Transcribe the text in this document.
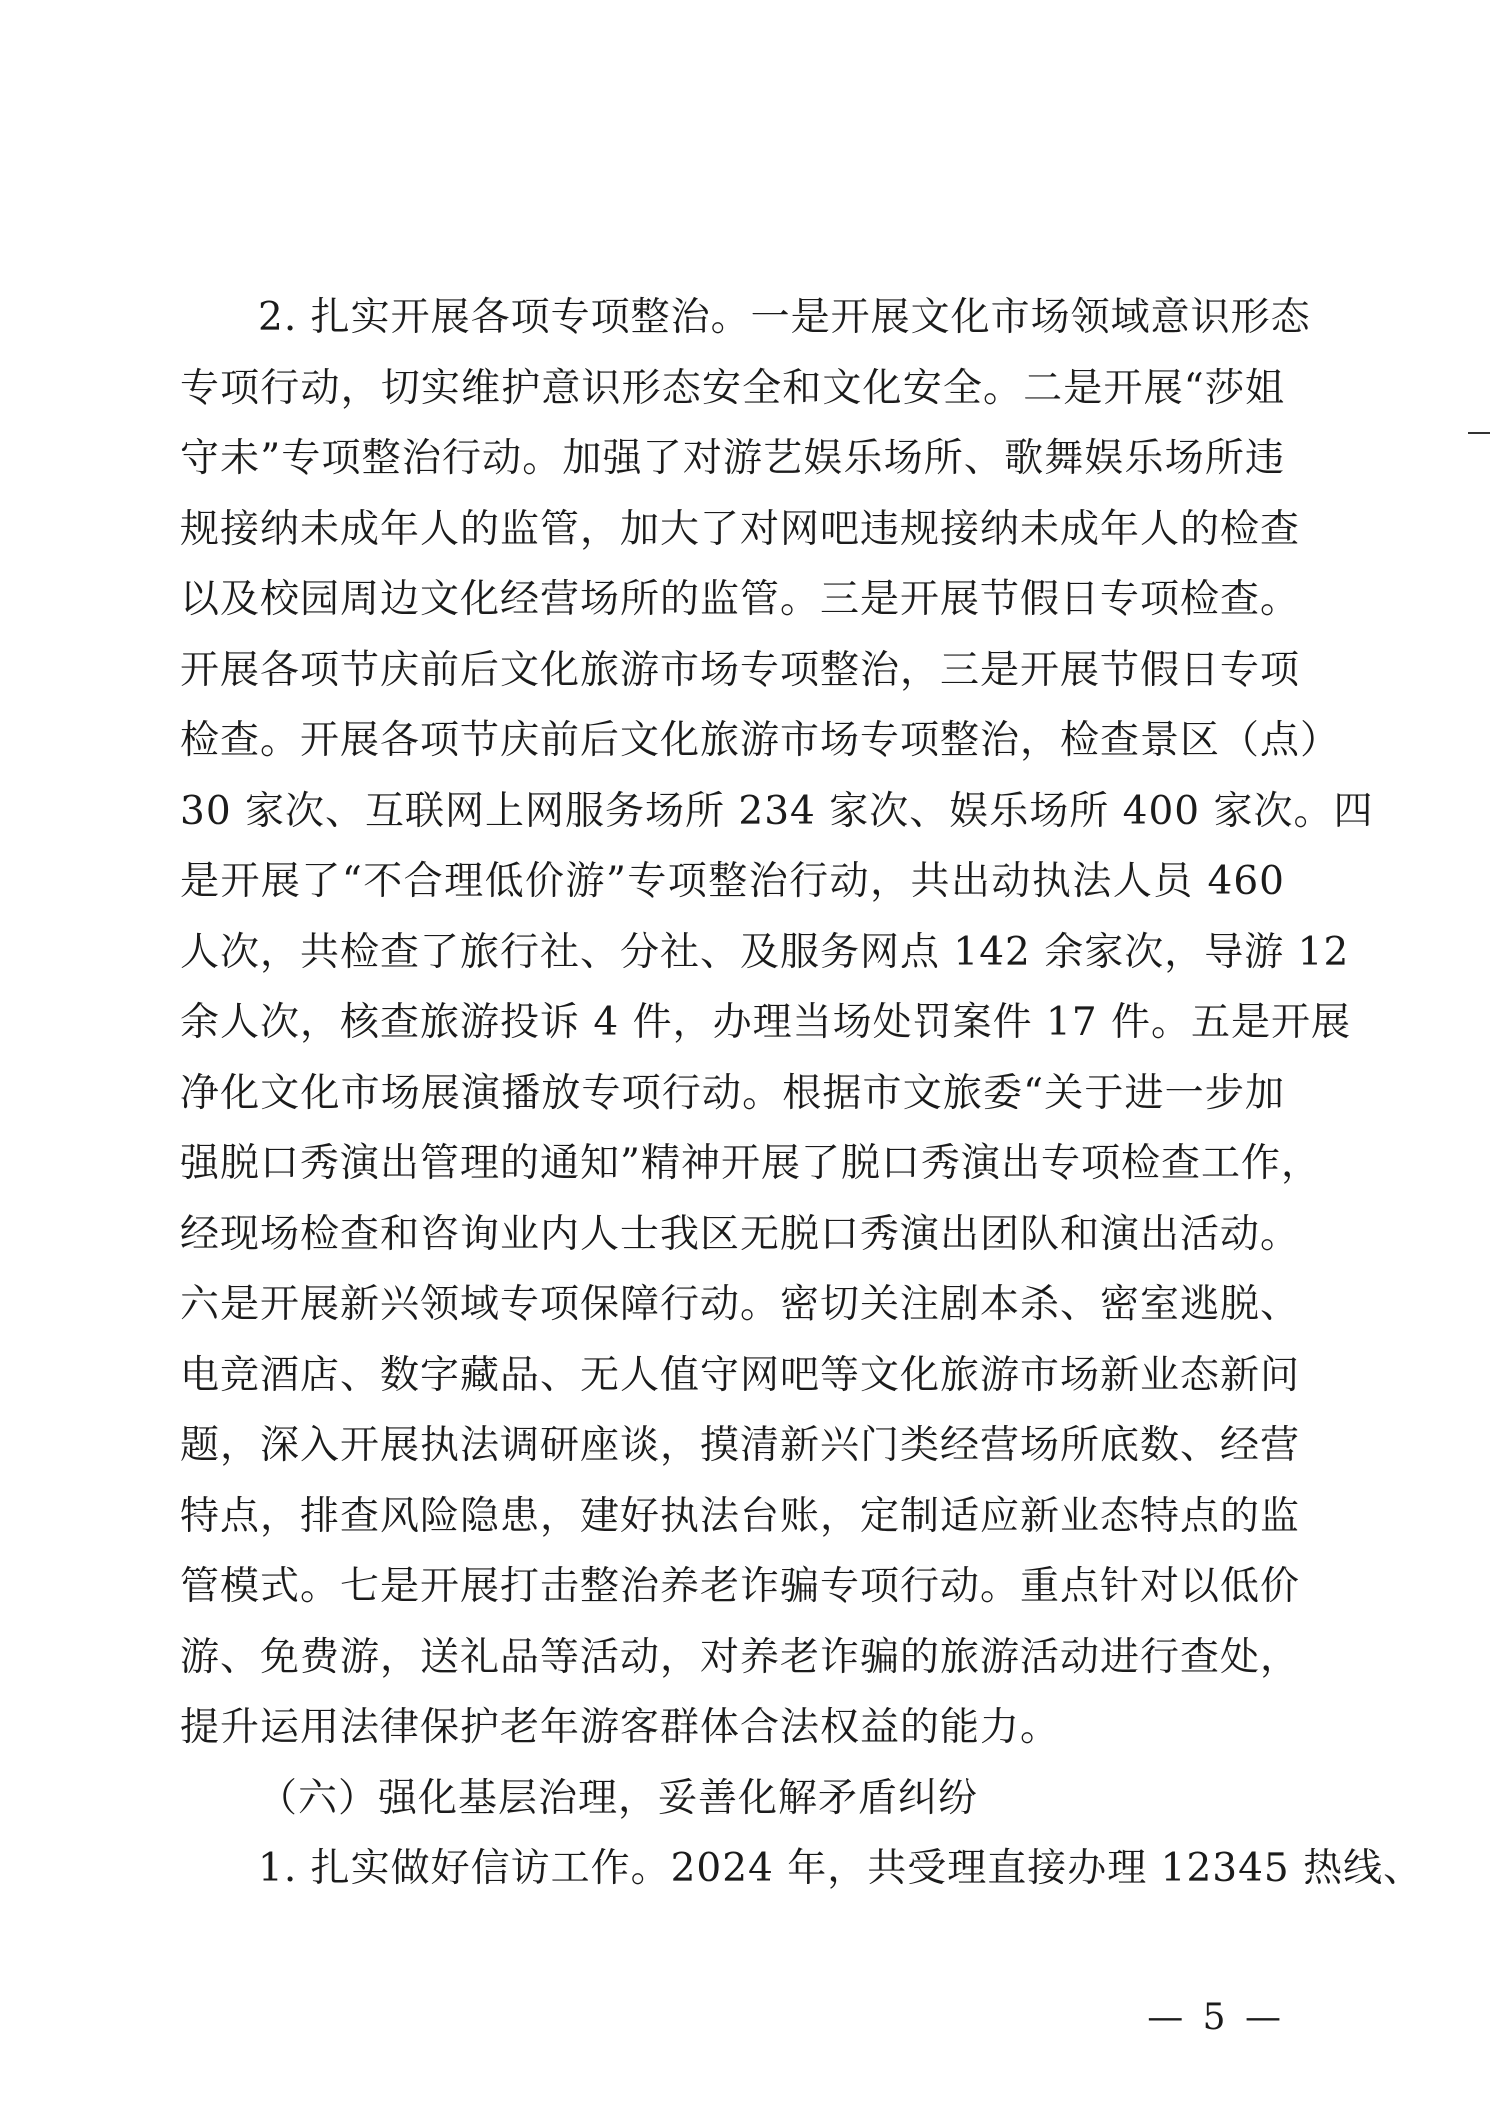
2. 扎实开展各项专项整治。一是开展文化市场领域意识形态
专项行动，切实维护意识形态安全和文化安全。二是开展“莎姐
守未”专项整治行动。加强了对游艺娱乐场所、歌舞娱乐场所违
规接纳未成年人的监管，加大了对网吧违规接纳未成年人的检查
以及校园周边文化经营场所的监管。三是开展节假日专项检查。
开展各项节庆前后文化旅游市场专项整治，三是开展节假日专项
检查。开展各项节庆前后文化旅游市场专项整治，检查景区（点）
30 家次、互联网上网服务场所 234 家次、娱乐场所 400 家次。四
是开展了“不合理低价游”专项整治行动，共出动执法人员 460
人次，共检查了旅行社、分社、及服务网点 142 余家次，导游 12
余人次，核查旅游投诉 4 件，办理当场处罚案件 17 件。五是开展
净化文化市场展演播放专项行动。根据市文旅委“关于进一步加
强脱口秀演出管理的通知”精神开展了脱口秀演出专项检查工作，
经现场检查和咨询业内人士我区无脱口秀演出团队和演出活动。
六是开展新兴领域专项保障行动。密切关注剧本杀、密室逃脱、
电竞酒店、数字藏品、无人值守网吧等文化旅游市场新业态新问
题，深入开展执法调研座谈，摸清新兴门类经营场所底数、经营
特点，排查风险隐患，建好执法台账，定制适应新业态特点的监
管模式。七是开展打击整治养老诈骗专项行动。重点针对以低价
游、免费游，送礼品等活动，对养老诈骗的旅游活动进行查处，
提升运用法律保护老年游客群体合法权益的能力。
（六）强化基层治理，妥善化解矛盾纠纷
1. 扎实做好信访工作。2024 年，共受理直接办理 12345 热线、
— 5 —
